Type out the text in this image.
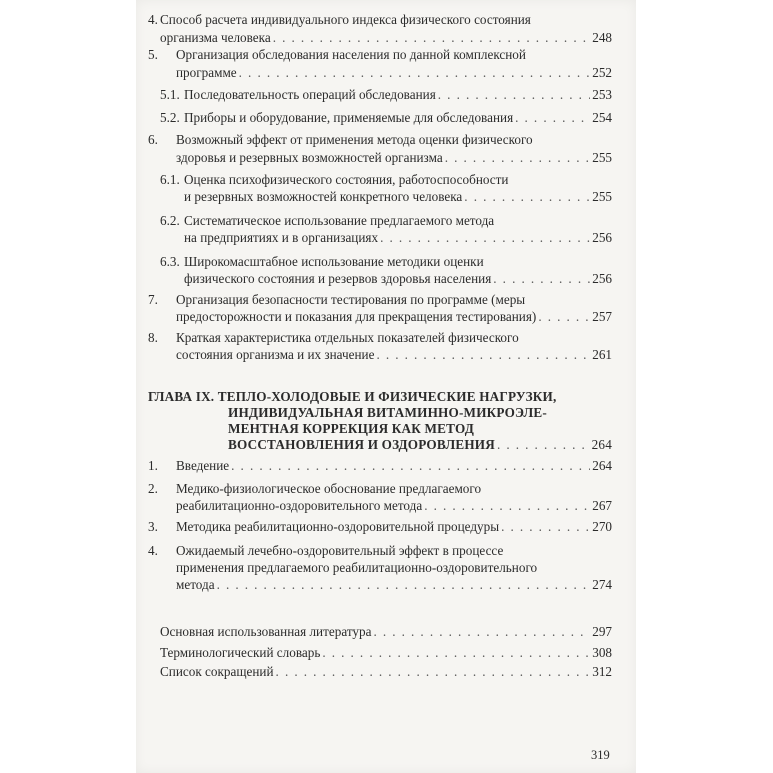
4. Способ расчета индивидуального индекса физического состояния
организма человека . . .	248
5. Организация обследования населения по данной комплексной
программе . . .	252
5.1. Последовательность операций обследования . . .	253
5.2. Приборы и оборудование, применяемые для обследования . . .	254
6. Возможный эффект от применения метода оценки физического
здоровья и резервных возможностей организма . . .	255
6.1. Оценка психофизического состояния, работоспособности
и резервных возможностей конкретного человека . . .	255
6.2. Систематическое использование предлагаемого метода
на предприятиях и в организациях . . .	256
6.3. Широкомасштабное использование методики оценки
физического состояния и резервов здоровья населения . . .	256
7. Организация безопасности тестирования по программе (меры
предосторожности и показания для прекращения тестирования) . . .	257
8. Краткая характеристика отдельных показателей физического
состояния организма и их значение . . .	261
ГЛАВА IX. ТЕПЛО-ХОЛОДОВЫЕ И ФИЗИЧЕСКИЕ НАГРУЗКИ,
ИНДИВИДУАЛЬНАЯ ВИТАМИННО-МИКРОЭЛЕ-
МЕНТНАЯ КОРРЕКЦИЯ КАК МЕТОД
ВОССТАНОВЛЕНИЯ И ОЗДОРОВЛЕНИЯ . . .	264
1. Введение . . .	264
2. Медико-физиологическое обоснование предлагаемого
реабилитационно-оздоровительного метода . . .	267
3. Методика реабилитационно-оздоровительной процедуры . . .	270
4. Ожидаемый лечебно-оздоровительный эффект в процессе
применения предлагаемого реабилитационно-оздоровительного
метода . . .	274
Основная использованная литература . . .	297
Терминологический словарь . . .	308
Список сокращений . . .	312
319
